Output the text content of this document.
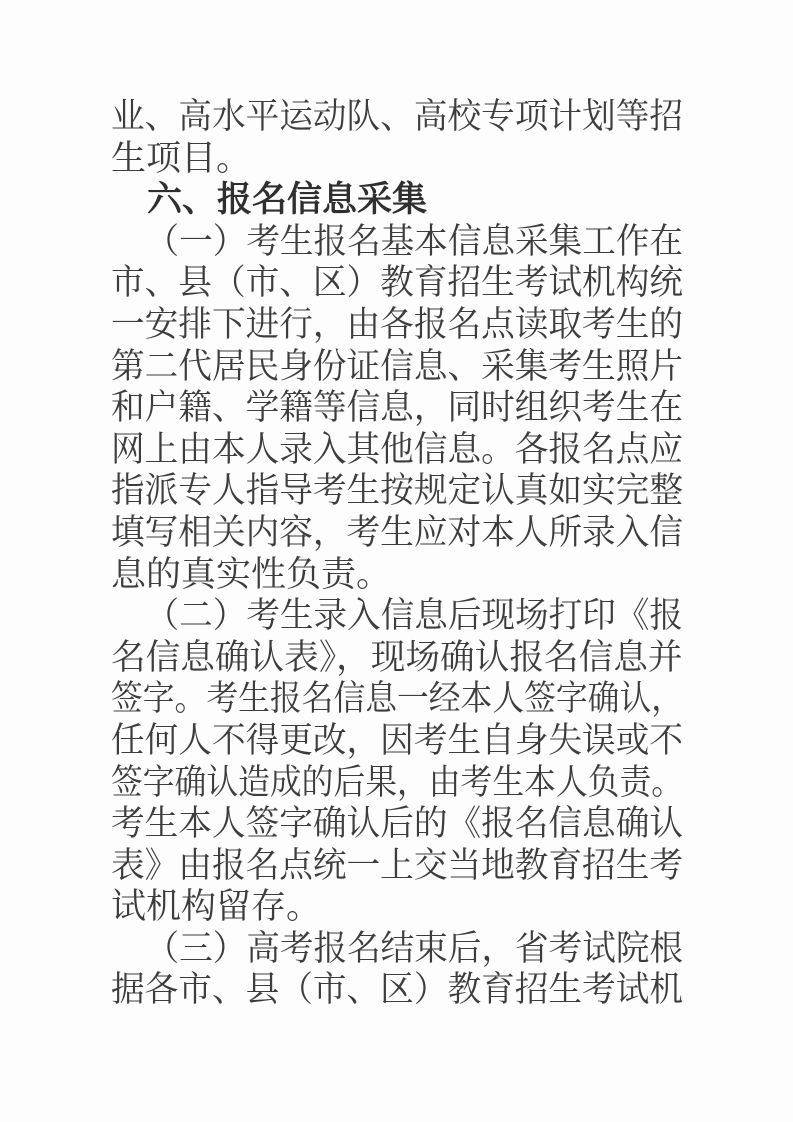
业、高水平运动队、高校专项计划等招
生项目。
六、报名信息采集
（一）考生报名基本信息采集工作在
市、县（市、区）教育招生考试机构统
一安排下进行，由各报名点读取考生的
第二代居民身份证信息、采集考生照片
和户籍、学籍等信息，同时组织考生在
网上由本人录入其他信息。各报名点应
指派专人指导考生按规定认真如实完整
填写相关内容，考生应对本人所录入信
息的真实性负责。
（二）考生录入信息后现场打印《报
名信息确认表》，现场确认报名信息并
签字。考生报名信息一经本人签字确认，
任何人不得更改，因考生自身失误或不
签字确认造成的后果，由考生本人负责。
考生本人签字确认后的《报名信息确认
表》由报名点统一上交当地教育招生考
试机构留存。
（三）高考报名结束后，省考试院根
据各市、县（市、区）教育招生考试机
